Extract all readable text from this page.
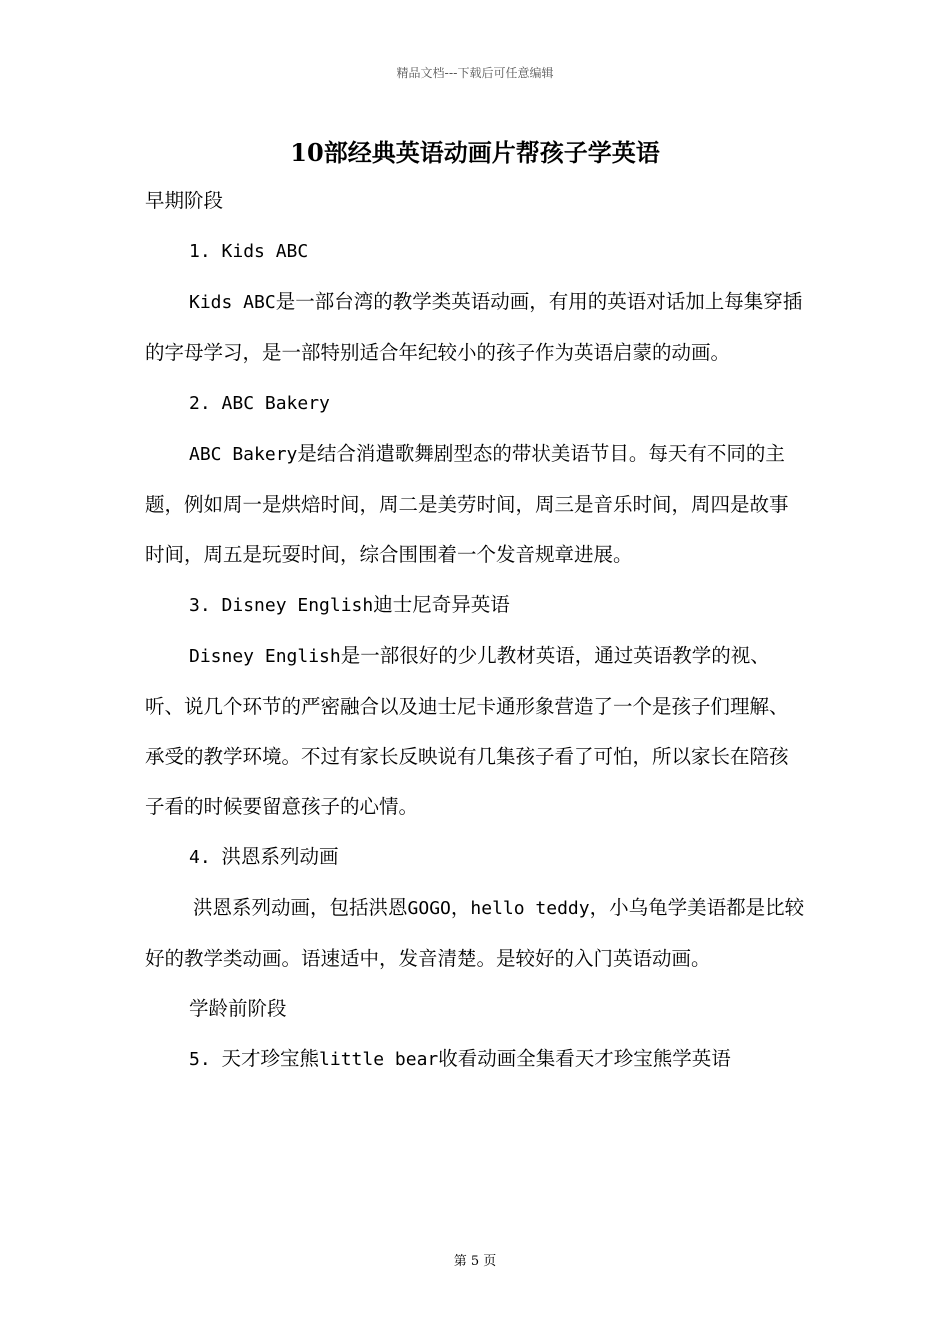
精品文档---下载后可任意编辑
10部经典英语动画片帮孩子学英语

早期阶段

1. Kids ABC

Kids ABC是一部台湾的教学类英语动画，有用的英语对话加上每集穿插的字母学习，是一部特别适合年纪较小的孩子作为英语启蒙的动画。

2. ABC Bakery

ABC Bakery是结合消遣歌舞剧型态的带状美语节目。每天有不同的主题，例如周一是烘焙时间，周二是美劳时间，周三是音乐时间，周四是故事时间，周五是玩耍时间，综合围围着一个发音规章进展。

3. Disney English迪士尼奇异英语

Disney English是一部很好的少儿教材英语，通过英语教学的视、听、说几个环节的严密融合以及迪士尼卡通形象营造了一个是孩子们理解、承受的教学环境。不过有家长反映说有几集孩子看了可怕，所以家长在陪孩子看的时候要留意孩子的心情。

4. 洪恩系列动画

洪恩系列动画，包括洪恩GOGO，hello teddy，小乌龟学美语都是比较好的教学类动画。语速适中，发音清楚。是较好的入门英语动画。

学龄前阶段

5. 天才珍宝熊little bear收看动画全集看天才珍宝熊学英语

第 5 页
